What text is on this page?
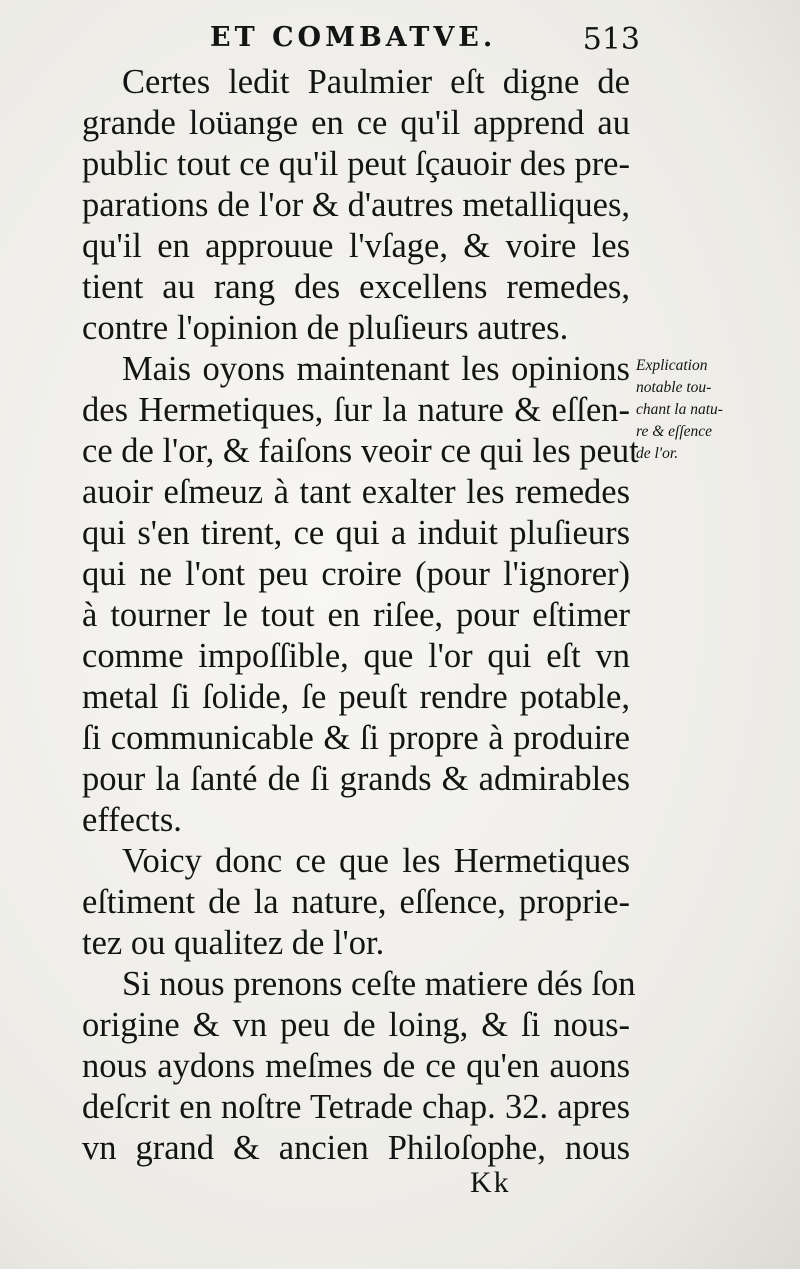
ET COMBATVE.	513
Certes ledit Paulmier eſt digne de
grande loüange en ce qu'il apprend au
public tout ce qu'il peut ſçauoir des pre-
parations de l'or & d'autres metalliques,
qu'il en approuue l'vſage, & voire les
tient au rang des excellens remedes,
contre l'opinion de pluſieurs autres.
Mais oyons maintenant les opinions
des Hermetiques, ſur la nature & eſſen-
ce de l'or, & faiſons veoir ce qui les peut
auoir eſmeuz à tant exalter les remedes
qui s'en tirent, ce qui a induit pluſieurs
qui ne l'ont peu croire (pour l'ignorer)
à tourner le tout en riſee, pour eſtimer
comme impoſſible, que l'or qui eſt vn
metal ſi ſolide, ſe peuſt rendre potable,
ſi communicable & ſi propre à produire
pour la ſanté de ſi grands & admirables
effects.
Voicy donc ce que les Hermetiques
eſtiment de la nature, eſſence, proprie-
tez ou qualitez de l'or.
Si nous prenons ceſte matiere dés ſon
origine & vn peu de loing, & ſi nous-
nous aydons meſmes de ce qu'en auons
deſcrit en noſtre Tetrade chap. 32. apres
vn grand & ancien Philoſophe, nous
Explication
notable tou-
chant la natu-
re & eſſence
de l'or.
Kk
